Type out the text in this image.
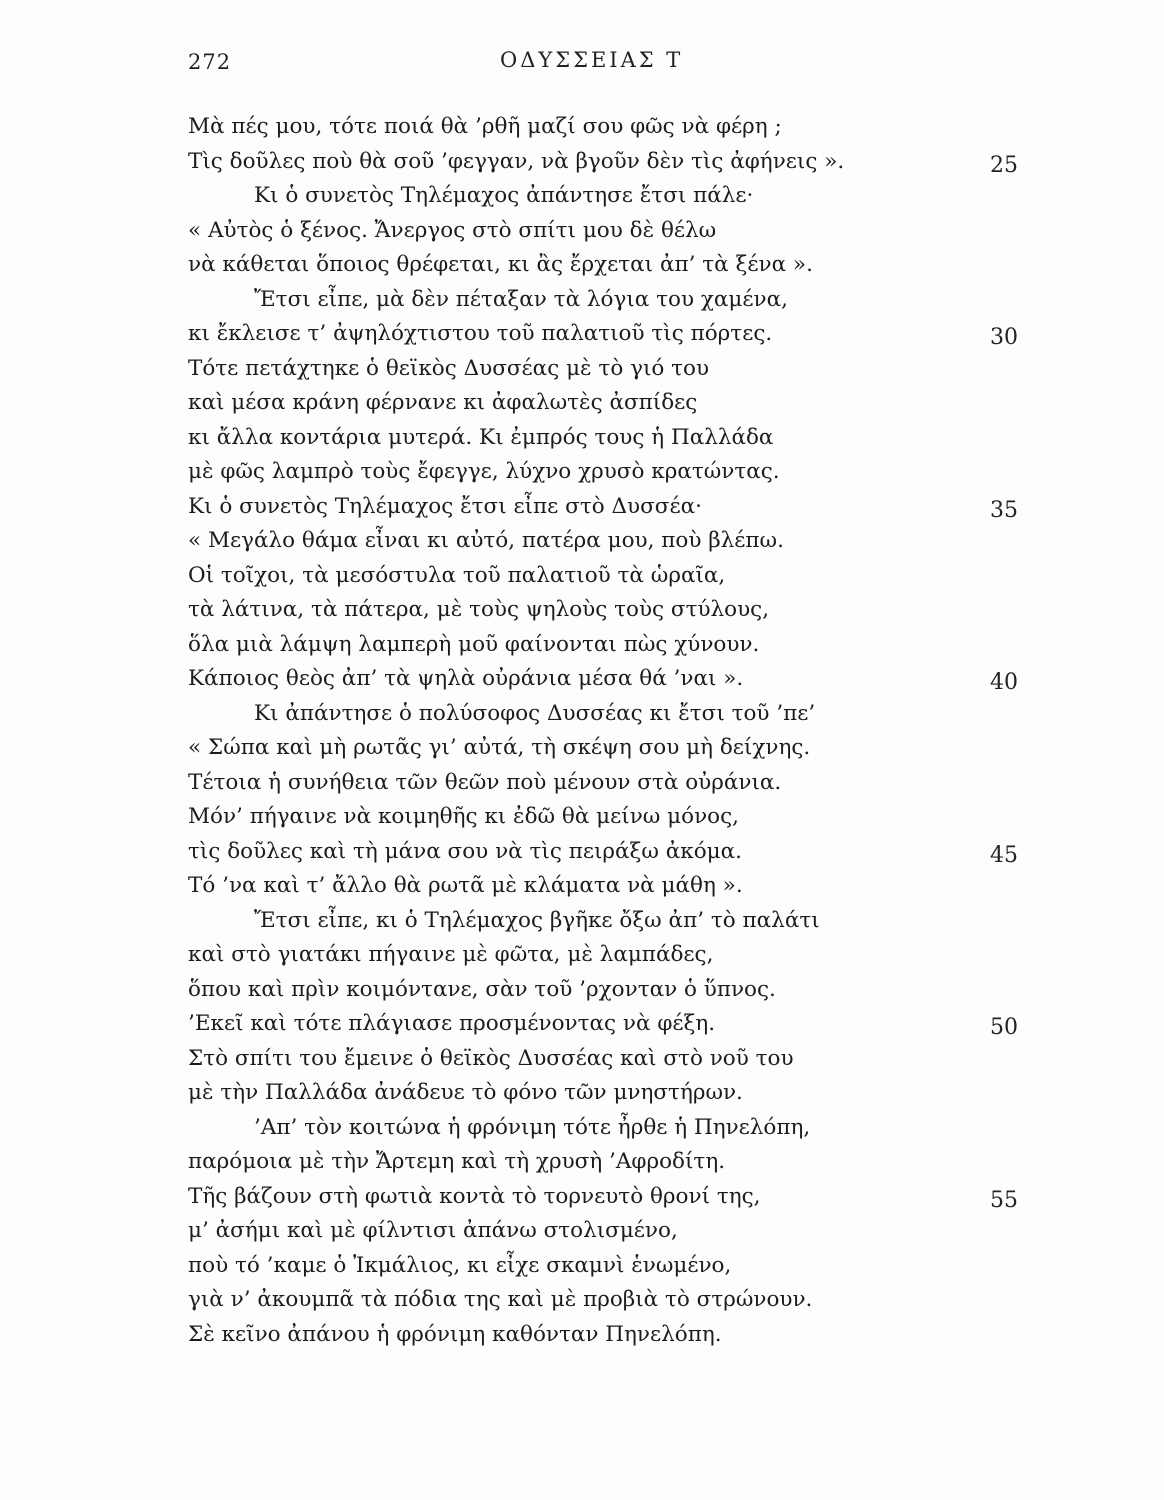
272	ΟΔΥΣΣΕΙΑΣ Τ
Μὰ πές μου, τότε ποιά θὰ ’ρθῆ μαζί σου φῶς νὰ φέρη ;
Τὶς δοῦλες ποὺ θὰ σοῦ ’φεγγαν, νὰ βγοῦν δὲν τὶς ἀφήνεις ».	25
Κι ὁ συνετὸς Τηλέμαχος ἀπάντησε ἔτσι πάλε·
« Αὐτὸς ὁ ξένος. Ἄνεργος στὸ σπίτι μου δὲ θέλω
νὰ κάθεται ὅποιος θρέφεται, κι ἂς ἔρχεται ἀπ’ τὰ ξένα ».
Ἔτσι εἶπε, μὰ δὲν πέταξαν τὰ λόγια του χαμένα,
κι ἔκλεισε τ’ ἀψηλόχτιστου τοῦ παλατιοῦ τὶς πόρτες.	30
Τότε πετάχτηκε ὁ θεϊκὸς Δυσσέας μὲ τὸ γιό του
καὶ μέσα κράνη φέρνανε κι ἀφαλωτὲς ἀσπίδες
κι ἄλλα κοντάρια μυτερά. Κι ἐμπρός τους ἡ Παλλάδα
μὲ φῶς λαμπρὸ τοὺς ἔφεγγε, λύχνο χρυσὸ κρατώντας.
Κι ὁ συνετὸς Τηλέμαχος ἔτσι εἶπε στὸ Δυσσέα·	35
« Μεγάλο θάμα εἶναι κι αὐτό, πατέρα μου, ποὺ βλέπω.
Οἱ τοῖχοι, τὰ μεσόστυλα τοῦ παλατιοῦ τὰ ὡραῖα,
τὰ λάτινα, τὰ πάτερα, μὲ τοὺς ψηλοὺς τοὺς στύλους,
ὅλα μιὰ λάμψη λαμπερὴ μοῦ φαίνονται πὼς χύνουν.
Κάποιος θεὸς ἀπ’ τὰ ψηλὰ οὐράνια μέσα θά ’ναι ».	40
Κι ἀπάντησε ὁ πολύσοφος Δυσσέας κι ἔτσι τοῦ ’πε’
« Σώπα καὶ μὴ ρωτᾶς γι’ αὐτά, τὴ σκέψη σου μὴ δείχνης.
Τέτοια ἡ συνήθεια τῶν θεῶν ποὺ μένουν στὰ οὐράνια.
Μόν’ πήγαινε νὰ κοιμηθῆς κι ἐδῶ θὰ μείνω μόνος,
τὶς δοῦλες καὶ τὴ μάνα σου νὰ τὶς πειράξω ἀκόμα.	45
Τό ’να καὶ τ’ ἄλλο θὰ ρωτᾶ μὲ κλάματα νὰ μάθη ».
Ἔτσι εἶπε, κι ὁ Τηλέμαχος βγῆκε ὄξω ἀπ’ τὸ παλάτι
καὶ στὸ γιατάκι πήγαινε μὲ φῶτα, μὲ λαμπάδες,
ὅπου καὶ πρὶν κοιμόντανε, σὰν τοῦ ’ρχονταν ὁ ὕπνος.
’Εκεῖ καὶ τότε πλάγιασε προσμένοντας νὰ φέξη.	50
Στὸ σπίτι του ἔμεινε ὁ θεϊκὸς Δυσσέας καὶ στὸ νοῦ του
μὲ τὴν Παλλάδα ἀνάδευε τὸ φόνο τῶν μνηστήρων.
’Απ’ τὸν κοιτώνα ἡ φρόνιμη τότε ἦρθε ἡ Πηνελόπη,
παρόμοια μὲ τὴν Ἄρτεμη καὶ τὴ χρυσὴ ’Αφροδίτη.
Τῆς βάζουν στὴ φωτιὰ κοντὰ τὸ τορνευτὸ θρονί της,	55
μ’ ἀσήμι καὶ μὲ φίλντισι ἀπάνω στολισμένο,
ποὺ τό ’καμε ὁ Ἰκμάλιος, κι εἶχε σκαμνὶ ἑνωμένο,
γιὰ ν’ ἀκουμπᾶ τὰ πόδια της καὶ μὲ προβιὰ τὸ στρώνουν.
Σὲ κεῖνο ἀπάνου ἡ φρόνιμη καθόνταν Πηνελόπη.
